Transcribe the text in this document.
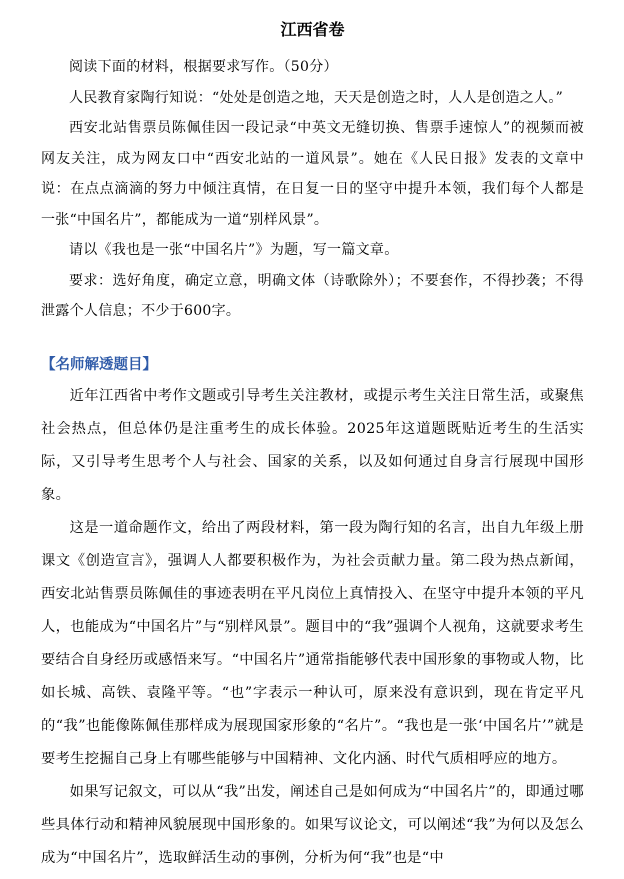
江西省卷

阅读下面的材料，根据要求写作。（50分）

人民教育家陶行知说：“处处是创造之地，天天是创造之时，人人是创造之人。”

西安北站售票员陈佩佳因一段记录“中英文无缝切换、售票手速惊人”的视频而被网友关注，成为网友口中“西安北站的一道风景”。她在《人民日报》发表的文章中说：在点点滴滴的努力中倾注真情，在日复一日的坚守中提升本领，我们每个人都是一张“中国名片”，都能成为一道“别样风景”。

请以《我也是一张“中国名片”》为题，写一篇文章。

要求：选好角度，确定立意，明确文体（诗歌除外）；不要套作，不得抄袭；不得泄露个人信息；不少于600字。

【名师解透题目】

近年江西省中考作文题或引导考生关注教材，或提示考生关注日常生活，或聚焦社会热点，但总体仍是注重考生的成长体验。2025年这道题既贴近考生的生活实际，又引导考生思考个人与社会、国家的关系，以及如何通过自身言行展现中国形象。

这是一道命题作文，给出了两段材料，第一段为陶行知的名言，出自九年级上册课文《创造宣言》，强调人人都要积极作为，为社会贡献力量。第二段为热点新闻，西安北站售票员陈佩佳的事迹表明在平凡岗位上真情投入、在坚守中提升本领的平凡人，也能成为“中国名片”与“别样风景”。题目中的“我”强调个人视角，这就要求考生要结合自身经历或感悟来写。“中国名片”通常指能够代表中国形象的事物或人物，比如长城、高铁、袁隆平等。“也”字表示一种认可，原来没有意识到，现在肯定平凡的“我”也能像陈佩佳那样成为展现国家形象的“名片”。“我也是一张‘中国名片’”就是要考生挖掘自己身上有哪些能够与中国精神、文化内涵、时代气质相呼应的地方。

如果写记叙文，可以从“我”出发，阐述自己是如何成为“中国名片”的，即通过哪些具体行动和精神风貌展现中国形象的。如果写议论文，可以阐述“我”为何以及怎么成为“中国名片”，选取鲜活生动的事例，分析为何“我”也是“中
